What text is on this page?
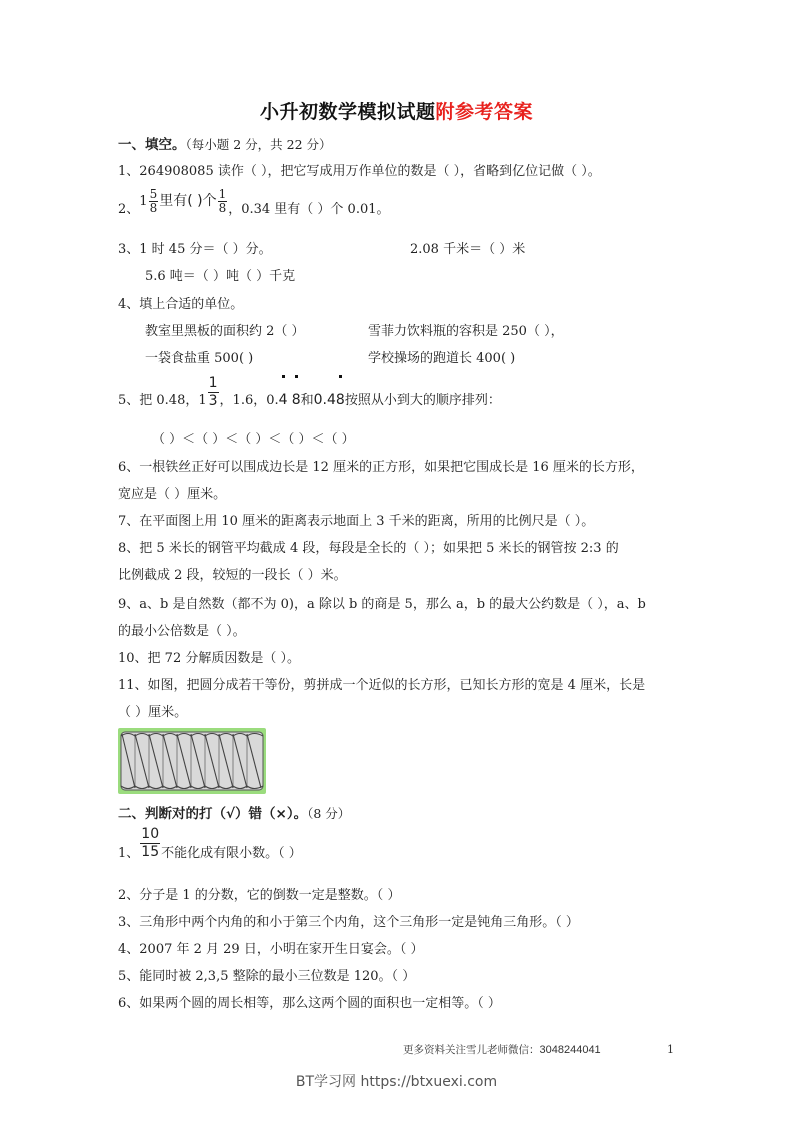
小升初数学模拟试题附参考答案
一、填空。（每小题 2 分，共 22 分）
1、264908085 读作（ ），把它写成用万作单位的数是（ ），省略到亿位记做（ ）。
2、$1 \frac{5}{8}$ 里有( )个 $\frac{1}{8}$ ，0.34 里有（ ）个 0.01。
3、1 时 45 分＝（ ）分。	2.08 千米＝（ ）米
5.6 吨＝（ ）吨（ ）千克
4、填上合适的单位。
教室里黑板的面积约 2（ ）	雪菲力饮料瓶的容积是 250（ ），
一袋食盐重 500( )	学校操场的跑道长 400( )
5、把 0.48，$1 \frac{1}{3}$ ，1.6，0.4 8和0.48按照从小到大的顺序排列：
（ ）＜（ ）＜（ ）＜（ ）＜（ ）
6、一根铁丝正好可以围成边长是 12 厘米的正方形，如果把它围成长是 16 厘米的长方形，
宽应是（ ）厘米。
7、在平面图上用 10 厘米的距离表示地面上 3 千米的距离，所用的比例尺是（ ）。
8、把 5 米长的钢管平均截成 4 段，每段是全长的（ ）；如果把 5 米长的钢管按 2:3 的
比例截成 2 段，较短的一段长（ ）米。
9、a、b 是自然数（都不为 0)，a 除以 b 的商是 5，那么 a，b 的最大公约数是（ ），a、b
的最小公倍数是（ ）。
10、把 72 分解质因数是（ ）。
11、如图，把圆分成若干等份，剪拼成一个近似的长方形，已知长方形的宽是 4 厘米，长是
（ ）厘米。
二、判断对的打（√）错（×）。（8 分）
1、 $\frac{10}{15}$ 不能化成有限小数。（ ）
2、分子是 1 的分数，它的倒数一定是整数。（ ）
3、三角形中两个内角的和小于第三个内角，这个三角形一定是钝角三角形。（ ）
4、2007 年 2 月 29 日，小明在家开生日宴会。（ ）
5、能同时被 2,3,5 整除的最小三位数是 120。（ ）
6、如果两个圆的周长相等，那么这两个圆的面积也一定相等。（ ）
更多资料关注雪儿老师微信：3048244041	1
BT学习网 https://btxuexi.com
